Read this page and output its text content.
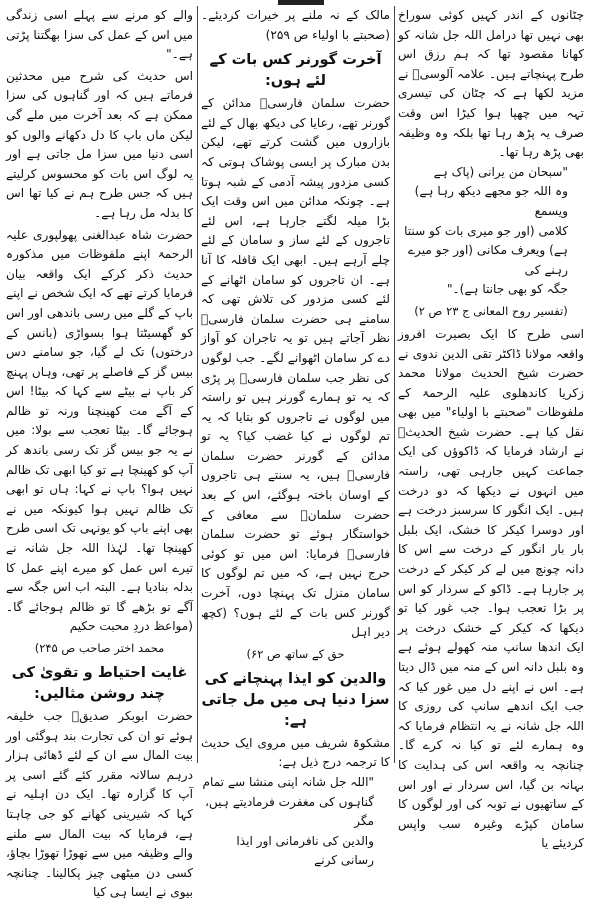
چٹانوں کے اندر کہیں کوئی سوراخ بھی نہیں تھا درامل اللہ جل شانہ کو کھانا مقصود تھا کہ ہم رزق اس طرح پہنچاتے ہیں۔ علامہ آلوسیؒ نے مزید لکھا ہے کہ چٹان کی تیسری تہہ میں چھپا ہوا کیڑا اس وقت صرف یہ پڑھ رہا تھا بلکہ وہ وظیفہ بھی پڑھ رہا تھا۔

"سبحان من یرانی (پاک ہے

وہ اللہ جو مجھے دیکھ رہا ہے) ویسمع

کلامی (اور جو میری بات کو سنتا ہے) ویعرف مکانی (اور جو میرے رہنے کی

جگہ کو بھی جانتا ہے)۔"

(تفسیر روح المعانی ج ۲۳ ص ۲)

اسی طرح کا ایک بصیرت افروز واقعہ مولانا ڈاکٹر تقی الدین ندوی نے حضرت شیخ الحدیث مولانا محمد زکریا کاندھلوی علیہ الرحمۃ کے ملفوظات "صحبتے با اولیاء" میں بھی نقل کیا ہے۔ حضرت شیخ الحدیثؒ نے ارشاد فرمایا کہ ڈاکوؤں کی ایک جماعت کہیں جارہی تھی، راستہ میں انہوں نے دیکھا کہ دو درخت ہیں۔ ایک انگور کا سرسبز درخت ہے اور دوسرا کیکر کا خشک، ایک بلبل بار بار انگور کے درخت سے اس کا دانہ چونچ میں لے کر کیکر کے درخت پر جارہا ہے۔ ڈاکو کے سردار کو اس پر بڑا تعجب ہوا۔ جب غور کیا تو دیکھا کہ کیکر کے خشک درخت پر ایک اندھا سانپ منہ کھولے ہوئے ہے وہ بلبل دانہ اس کے منہ میں ڈال دیتا ہے۔ اس نے اپنے دل میں غور کیا کہ جب ایک اندھے سانپ کی روزی کا اللہ جل شانہ نے یہ انتظام فرمایا کہ وہ ہمارے لئے تو کیا نہ کرے گا۔ چنانچہ یہ واقعہ اس کی ہدایت کا بہانہ بن گیا، اس سردار نے اور اس کے ساتھیوں نے توبہ کی اور لوگوں کا سامان کپڑے وغیرہ سب واپس کردیئے یا

مالک کے نہ ملنے پر خیرات کردیئے۔ (صحبتے با اولیاء ص ۲۵۹)

آخرت گورنر کس بات کے لئے ہوں:

حضرت سلمان فارسیؓ مدائن کے گورنر تھے، رعایا کی دیکھ بھال کے لئے بازاروں میں گشت کرتے تھے، لیکن بدن مبارک پر ایسی پوشاک ہوتی کہ کسی مزدور پیشہ آدمی کے شبہ ہوتا ہے۔ چونکہ مدائن میں اس وقت ایک بڑا میلہ لگتے جارہا ہے، اس لئے تاجروں کے لئے ساز و سامان کے لئے چلے آرہے ہیں۔ ابھی ایک قافلہ کا آنا ہے۔ ان تاجروں کو سامان اٹھانے کے لئے کسی مزدور کی تلاش تھی کہ سامنے ہی حضرت سلمان فارسیؓ نظر آجاتے ہیں تو یہ تاجران کو آواز دے کر سامان اٹھوانے لگے۔ جب لوگوں کی نظر جب سلمان فارسیؓ پر پڑی کہ یہ تو ہمارے گورنر ہیں تو راستہ میں لوگوں نے تاجروں کو بتایا کہ یہ تم لوگوں نے کیا غضب کیا؟ یہ تو مدائن کے گورنر حضرت سلمان فارسیؓ ہیں، یہ سنتے ہی تاجروں کے اوسان باختہ ہوگئے، اس کے بعد حضرت سلمانؓ سے معافی کے خواستگار ہوئے تو حضرت سلمان فارسیؓ فرمایا: اس میں تو کوئی حرج نہیں ہے، کہ میں تم لوگوں کا سامان منزل تک پہنچا دوں، آخرت گورنر کس بات کے لئے ہوں؟ (کچھ دیر اہل

حق کے ساتھ ص ۶۲)

والدین کو ایذا پہنچانے کی سزا دنیا ہی میں مل جاتی ہے:

مشکوۃ شریف میں مروی ایک حدیث کا ترجمہ درج ذیل ہے:

"اللہ جل شانہ اپنی منشا سے تمام

گناہوں کی مغفرت فرمادیتے ہیں، مگر

والدین کی نافرمانی اور ایذا رسانی کرنے

والے کو مرنے سے پہلے اسی زندگی میں اس کے عمل کی سزا بھگتنا پڑتی ہے۔"

اس حدیث کی شرح میں محدثین فرماتے ہیں کہ اور گناہوں کی سزا ممکن ہے کہ بعد آخرت میں ملے گی لیکن ماں باپ کا دل دکھانے والوں کو اسی دنیا میں سزا مل جاتی ہے اور یہ لوگ اس بات کو محسوس کرلیتے ہیں کہ جس طرح ہم نے کیا تھا اس کا بدلہ مل رہا ہے۔

حضرت شاہ عبدالغنی پھولپوری علیہ الرحمۃ اپنے ملفوظات میں مذکورہ حدیث ذکر کرکے ایک واقعہ بیان فرمایا کرتے تھے کہ ایک شخص نے اپنے باپ کے گلے میں رسی باندھی اور اس کو گھسیٹتا ہوا بسواڑی (بانس کے درختوں) تک لے گیا، جو سامنے دس بیس گز کے فاصلے پر تھی، وہاں پہنچ کر باپ نے بیٹے سے کہا کہ بیٹا! اس کے آگے مت کھینچنا ورنہ تو ظالم ہوجائے گا۔ بیٹا تعجب سے بولا: میں نے یہ جو بیس گز تک رسی باندھ کر آپ کو کھینچا ہے تو کیا ابھی تک ظالم نہیں ہوا؟ باپ نے کہا: ہاں تو ابھی تک ظالم نہیں ہوا کیونکہ میں نے بھی اپنے باپ کو یونہی تک اسی طرح کھینچا تھا۔ لہٰذا اللہ جل شانہ نے تیرے اس عمل کو میرے اپنے عمل کا بدلہ بنادیا ہے۔ البتہ اب اس جگہ سے آگے تو بڑھے گا تو ظالم ہوجائے گا۔ (مواعظ دردِ محبت حکیم

محمد اختر صاحب ص ۲۴۵)

غایت احتیاط و تقویٰ کی چند روشن مثالیں:

حضرت ابوبکر صدیقؓ جب خلیفہ ہوئے تو ان کی تجارت بند ہوگئی اور بیت المال سے ان کے لئے ڈھائی ہزار درہم سالانہ مقرر کئے گئے اسی پر آپ کا گزارہ تھا۔ ایک دن اہلیہ نے کہا کہ شیرینی کھانے کو جی چاہتا ہے، فرمایا کہ بیت المال سے ملنے والے وظیفہ میں سے تھوڑا تھوڑا بچاؤ، کسی دن میٹھی چیز پکالینا۔ چنانچہ بیوی نے ایسا ہی کیا
